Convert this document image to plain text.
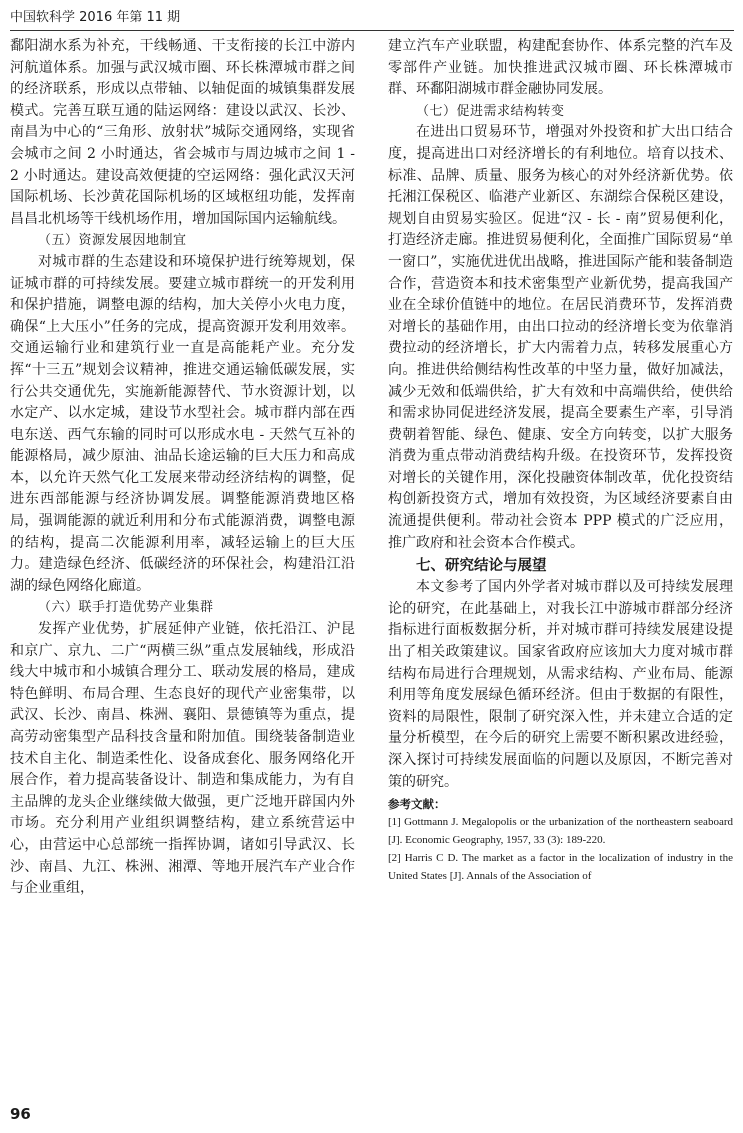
中国软科学 2016 年第 11 期

鄱阳湖水系为补充，干线畅通、干支衔接的长江中游内河航道体系。加强与武汉城市圈、环长株潭城市群之间的经济联系，形成以点带轴、以轴促面的城镇集群发展模式。完善互联互通的陆运网络：建设以武汉、长沙、南昌为中心的“三角形、放射状”城际交通网络，实现省会城市之间 2 小时通达，省会城市与周边城市之间 1 - 2 小时通达。建设高效便捷的空运网络：强化武汉天河国际机场、长沙黄花国际机场的区域枢纽功能，发挥南昌昌北机场等干线机场作用，增加国际国内运输航线。

（五）资源发展因地制宜

对城市群的生态建设和环境保护进行统筹规划，保证城市群的可持续发展。要建立城市群统一的开发利用和保护措施，调整电源的结构，加大关停小火电力度，确保“上大压小”任务的完成，提高资源开发利用效率。交通运输行业和建筑行业一直是高能耗产业。充分发挥“十三五”规划会议精神，推进交通运输低碳发展，实行公共交通优先，实施新能源替代、节水资源计划，以水定产、以水定城，建设节水型社会。城市群内部在西电东送、西气东输的同时可以形成水电 - 天然气互补的能源格局，减少原油、油品长途运输的巨大压力和高成本，以允许天然气化工发展来带动经济结构的调整，促进东西部能源与经济协调发展。调整能源消费地区格局，强调能源的就近利用和分布式能源消费，调整电源的结构，提高二次能源利用率，减轻运输上的巨大压力。建造绿色经济、低碳经济的环保社会，构建沿江沿湖的绿色网络化廊道。

（六）联手打造优势产业集群

发挥产业优势，扩展延伸产业链，依托沿江、沪昆和京广、京九、二广“两横三纵”重点发展轴线，形成沿线大中城市和小城镇合理分工、联动发展的格局，建成特色鲜明、布局合理、生态良好的现代产业密集带，以武汉、长沙、南昌、株洲、襄阳、景德镇等为重点，提高劳动密集型产品科技含量和附加值。围绕装备制造业技术自主化、制造柔性化、设备成套化、服务网络化开展合作，着力提高装备设计、制造和集成能力，为有自主品牌的龙头企业继续做大做强，更广泛地开辟国内外市场。充分利用产业组织调整结构，建立系统营运中心，由营运中心总部统一指挥协调，诸如引导武汉、长沙、南昌、九江、株洲、湘潭、等地开展汽车产业合作与企业重组，

建立汽车产业联盟，构建配套协作、体系完整的汽车及零部件产业链。加快推进武汉城市圈、环长株潭城市群、环鄱阳湖城市群金融协同发展。

（七）促进需求结构转变

在进出口贸易环节，增强对外投资和扩大出口结合度，提高进出口对经济增长的有利地位。培育以技术、标准、品牌、质量、服务为核心的对外经济新优势。依托湘江保税区、临港产业新区、东湖综合保税区建设，规划自由贸易实验区。促进“汉 - 长 - 南”贸易便利化，打造经济走廊。推进贸易便利化，全面推广国际贸易“单一窗口”，实施优进优出战略，推进国际产能和装备制造合作，营造资本和技术密集型产业新优势，提高我国产业在全球价值链中的地位。在居民消费环节，发挥消费对增长的基础作用，由出口拉动的经济增长变为依靠消费拉动的经济增长，扩大内需着力点，转移发展重心方向。推进供给侧结构性改革的中坚力量，做好加减法，减少无效和低端供给，扩大有效和中高端供给，使供给和需求协同促进经济发展，提高全要素生产率，引导消费朝着智能、绿色、健康、安全方向转变，以扩大服务消费为重点带动消费结构升级。在投资环节，发挥投资对增长的关键作用，深化投融资体制改革，优化投资结构创新投资方式，增加有效投资，为区域经济要素自由流通提供便利。带动社会资本 PPP 模式的广泛应用，推广政府和社会资本合作模式。

七、研究结论与展望

本文参考了国内外学者对城市群以及可持续发展理论的研究，在此基础上，对我长江中游城市群部分经济指标进行面板数据分析，并对城市群可持续发展建设提出了相关政策建议。国家省政府应该加大力度对城市群结构布局进行合理规划，从需求结构、产业布局、能源利用等角度发展绿色循环经济。但由于数据的有限性，资料的局限性，限制了研究深入性，并未建立合适的定量分析模型，在今后的研究上需要不断积累改进经验，深入探讨可持续发展面临的问题以及原因，不断完善对策的研究。

参考文献：

[1] Gottmann J. Megalopolis or the urbanization of the northeastern seaboard [J]. Economic Geography, 1957, 33 (3): 189-220.

[2] Harris C D. The market as a factor in the localization of industry in the United States [J]. Annals of the Association of

96
